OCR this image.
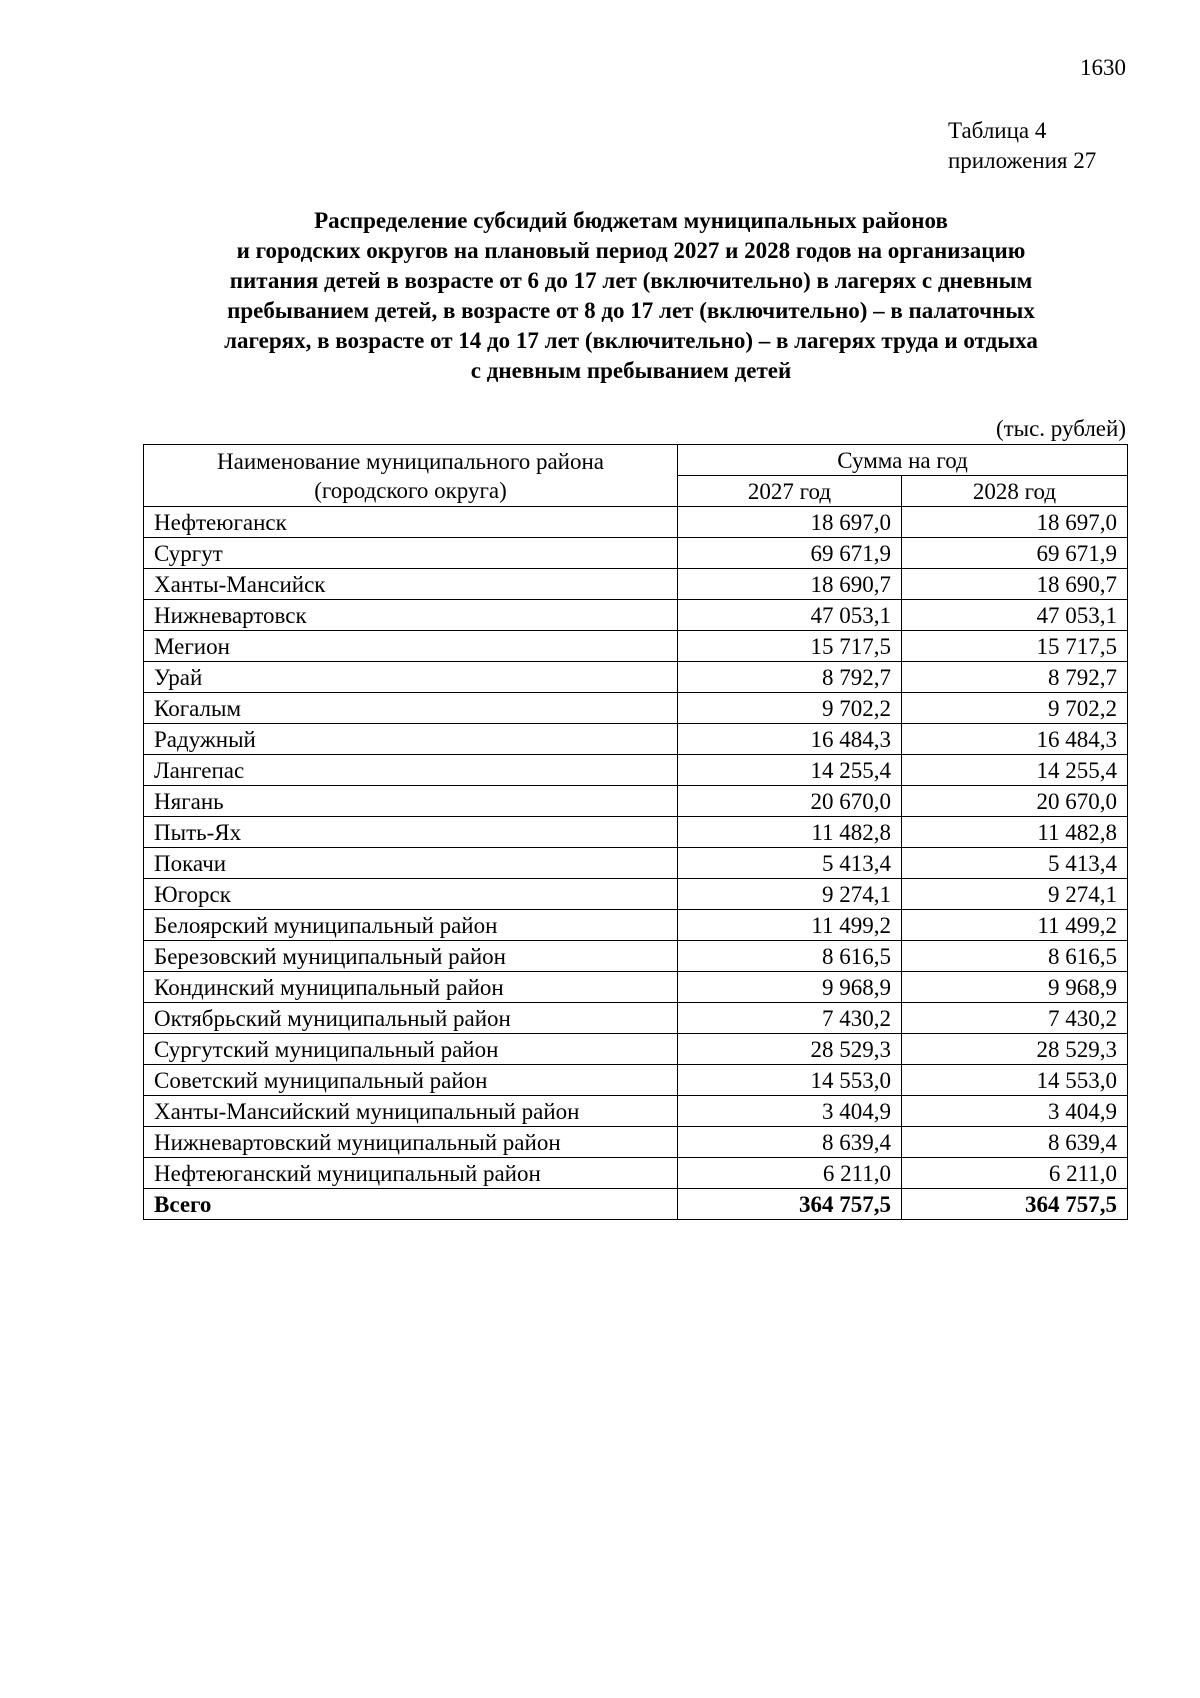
1630
Таблица 4
приложения 27
Распределение субсидий бюджетам муниципальных районов
и городских округов на плановый период 2027 и 2028 годов на организацию
питания детей в возрасте от 6 до 17 лет (включительно) в лагерях с дневным
пребыванием детей, в возрасте от 8 до 17 лет (включительно) – в палаточных
лагерях, в возрасте от 14 до 17 лет (включительно) – в лагерях труда и отдыха
с дневным пребыванием детей
(тыс. рублей)
Наименование муниципального района
(городского округа)	Сумма на год	
	2027 год	2028 год
Нефтеюганск	18 697,0	18 697,0
Сургут	69 671,9	69 671,9
Ханты-Мансийск	18 690,7	18 690,7
Нижневартовск	47 053,1	47 053,1
Мегион	15 717,5	15 717,5
Урай	8 792,7	8 792,7
Когалым	9 702,2	9 702,2
Радужный	16 484,3	16 484,3
Лангепас	14 255,4	14 255,4
Нягань	20 670,0	20 670,0
Пыть-Ях	11 482,8	11 482,8
Покачи	5 413,4	5 413,4
Югорск	9 274,1	9 274,1
Белоярский муниципальный район	11 499,2	11 499,2
Березовский муниципальный район	8 616,5	8 616,5
Кондинский муниципальный район	9 968,9	9 968,9
Октябрьский муниципальный район	7 430,2	7 430,2
Сургутский муниципальный район	28 529,3	28 529,3
Советский муниципальный район	14 553,0	14 553,0
Ханты-Мансийский муниципальный район	3 404,9	3 404,9
Нижневартовский муниципальный район	8 639,4	8 639,4
Нефтеюганский муниципальный район	6 211,0	6 211,0
Всего	364 757,5	364 757,5
